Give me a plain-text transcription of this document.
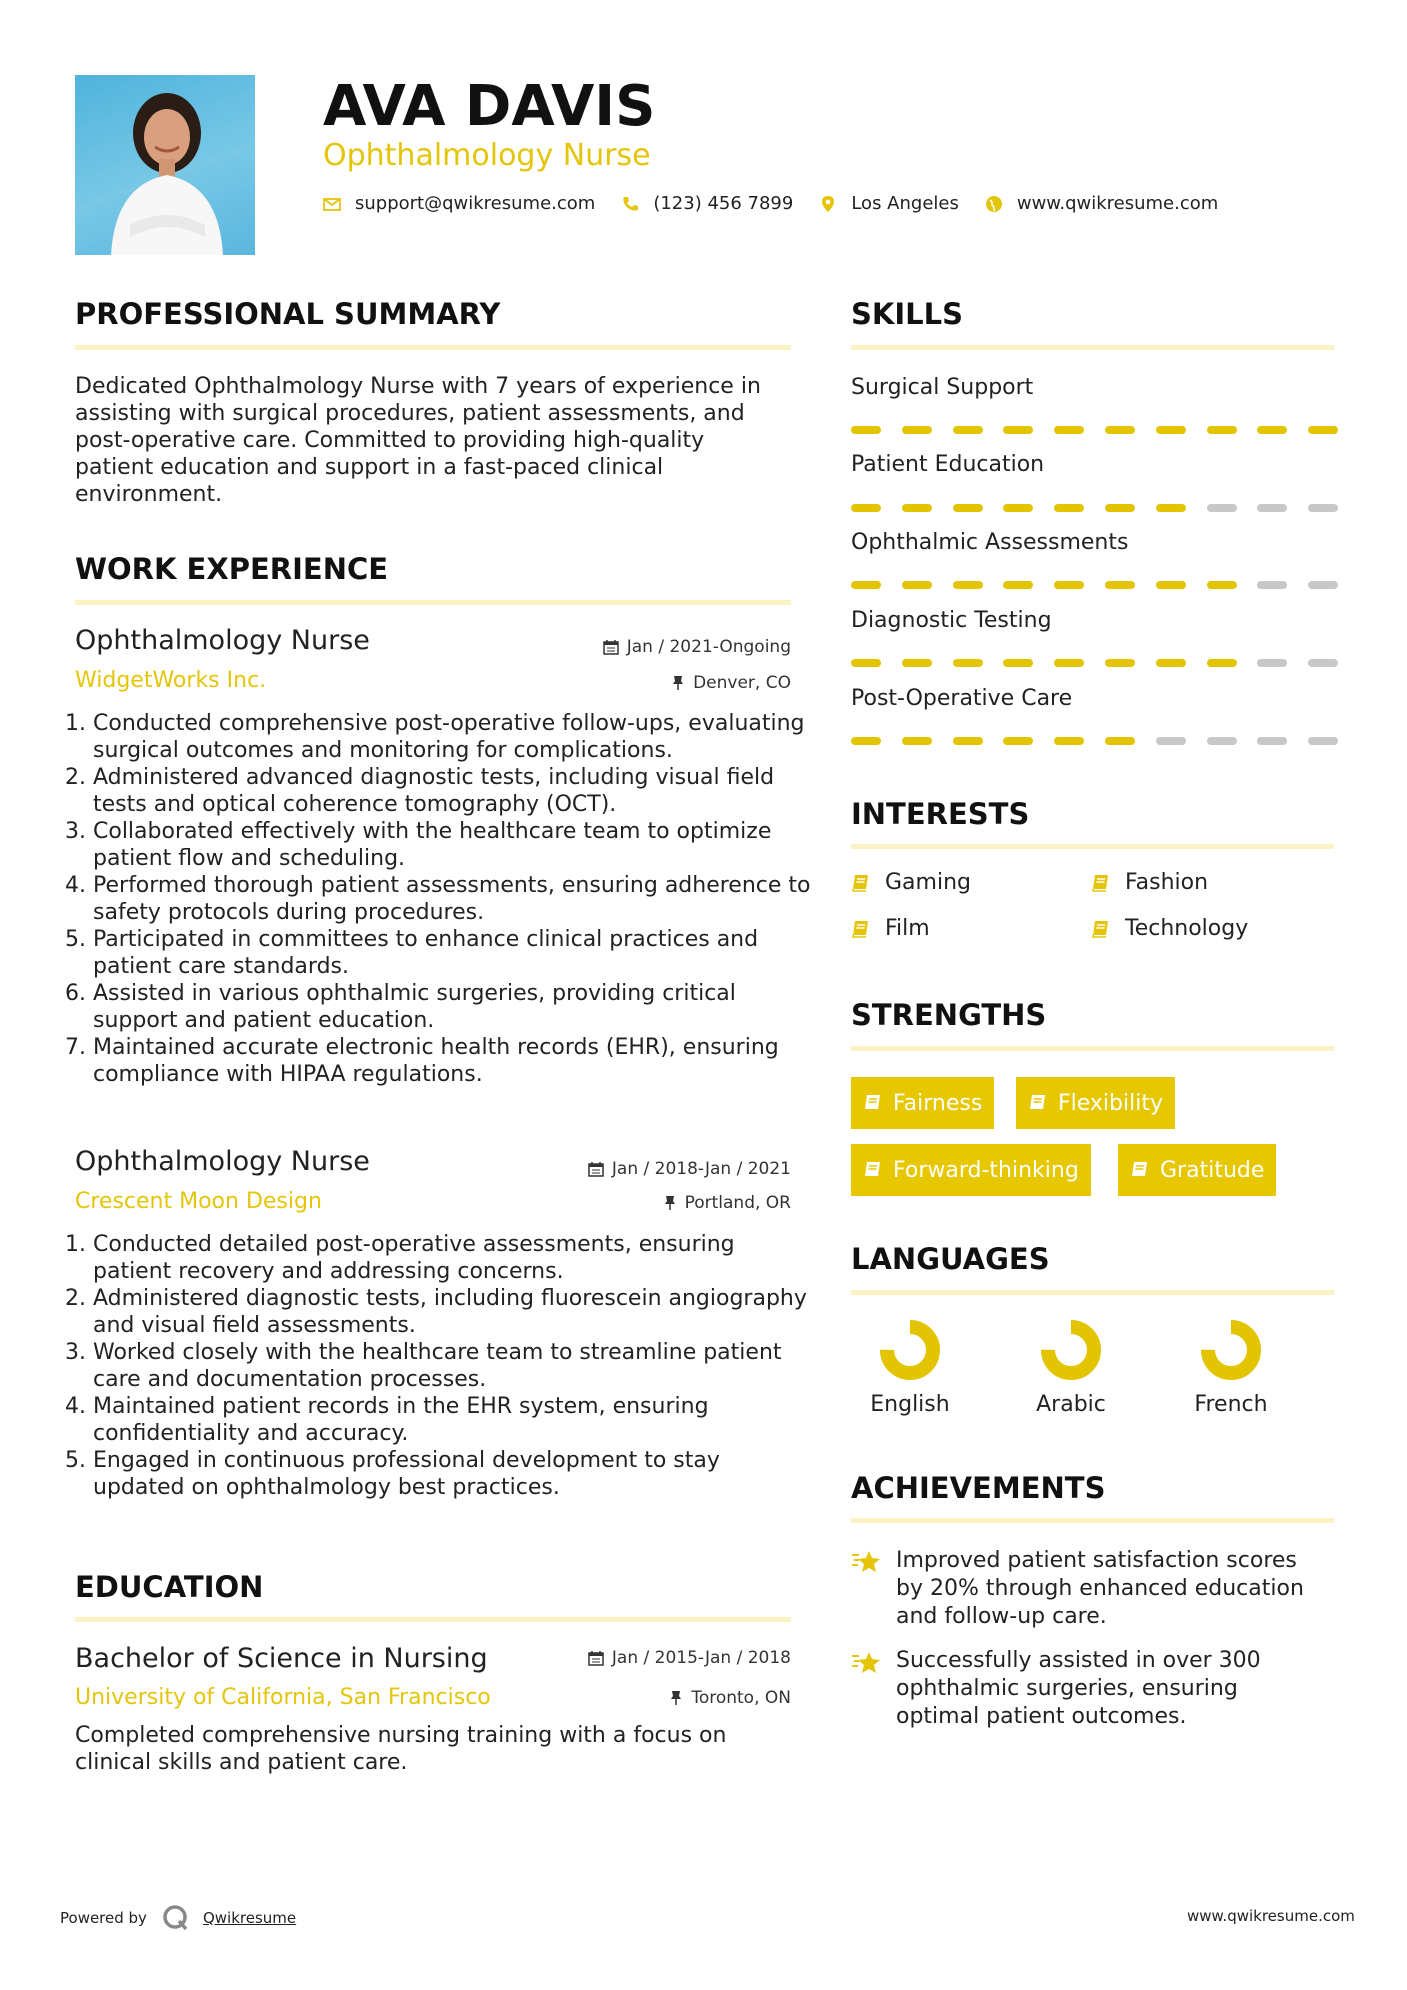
AVA DAVIS
Ophthalmology Nurse
support@qwikresume.com	(123) 456 7899	Los Angeles	www.qwikresume.com
PROFESSIONAL SUMMARY
Dedicated Ophthalmology Nurse with 7 years of experience in
assisting with surgical procedures, patient assessments, and
post-operative care. Committed to providing high-quality
patient education and support in a fast-paced clinical
environment.
WORK EXPERIENCE
Ophthalmology Nurse	Jan / 2021-Ongoing
WidgetWorks Inc.	Denver, CO
1. Conducted comprehensive post-operative follow-ups, evaluating surgical outcomes and monitoring for complications.
2. Administered advanced diagnostic tests, including visual field tests and optical coherence tomography (OCT).
3. Collaborated effectively with the healthcare team to optimize patient flow and scheduling.
4. Performed thorough patient assessments, ensuring adherence to safety protocols during procedures.
5. Participated in committees to enhance clinical practices and patient care standards.
6. Assisted in various ophthalmic surgeries, providing critical support and patient education.
7. Maintained accurate electronic health records (EHR), ensuring compliance with HIPAA regulations.
Ophthalmology Nurse	Jan / 2018-Jan / 2021
Crescent Moon Design	Portland, OR
1. Conducted detailed post-operative assessments, ensuring patient recovery and addressing concerns.
2. Administered diagnostic tests, including fluorescein angiography and visual field assessments.
3. Worked closely with the healthcare team to streamline patient care and documentation processes.
4. Maintained patient records in the EHR system, ensuring confidentiality and accuracy.
5. Engaged in continuous professional development to stay updated on ophthalmology best practices.
EDUCATION
Bachelor of Science in Nursing	Jan / 2015-Jan / 2018
University of California, San Francisco	Toronto, ON
Completed comprehensive nursing training with a focus on
clinical skills and patient care.
SKILLS
Surgical Support
Patient Education
Ophthalmic Assessments
Diagnostic Testing
Post-Operative Care
INTERESTS
Gaming	Fashion
Film	Technology
STRENGTHS
Fairness	Flexibility
Forward-thinking	Gratitude
LANGUAGES
English	Arabic	French
ACHIEVEMENTS
Improved patient satisfaction scores
by 20% through enhanced education
and follow-up care.
Successfully assisted in over 300
ophthalmic surgeries, ensuring
optimal patient outcomes.
Powered by	Qwikresume	www.qwikresume.com
